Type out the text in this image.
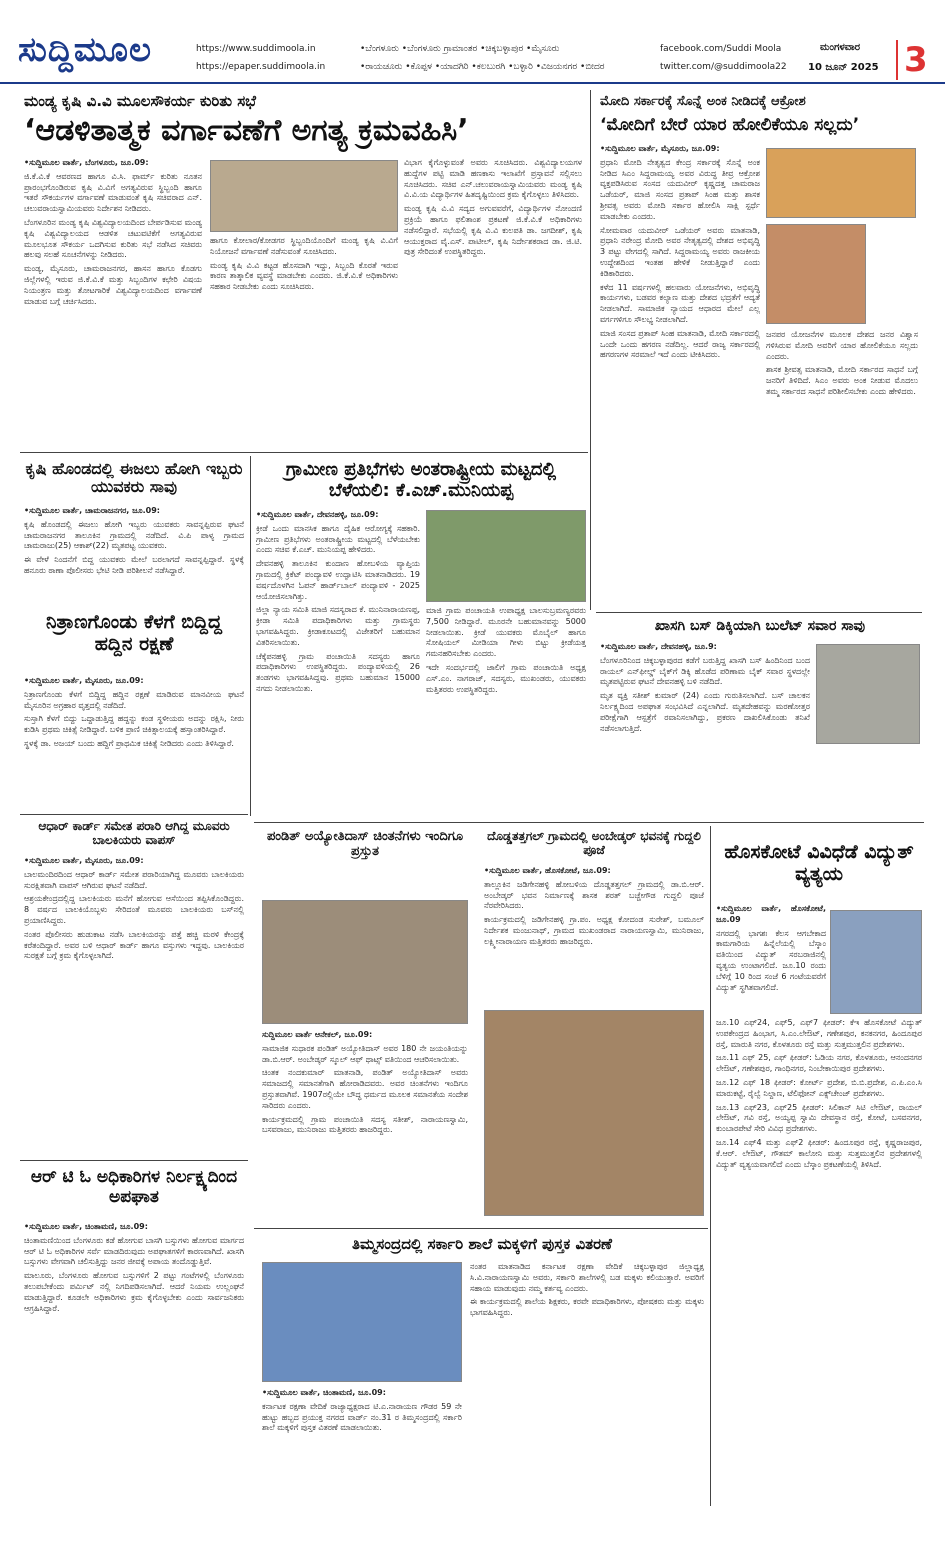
ಸುದ್ದಿಮೂಲ	https://www.suddimoola.in
https://epaper.suddimoola.in
•ಬೆಂಗಳೂರು •ಬೆಂಗಳೂರು ಗ್ರಾಮಾಂತರ •ಚಿಕ್ಕಬಳ್ಳಾಪುರ •ಮೈಸೂರು
•ರಾಯಚೂರು •ಕೊಪ್ಪಳ •ಯಾದಗಿರಿ •ಕಲಬುರಗಿ •ಬಳ್ಳಾರಿ •ವಿಜಯನಗರ •ಬೀದರ
facebook.com/Suddi Moola
twitter.com/@suddimoola22
ಮಂಗಳವಾರ
10 ಜೂನ್ 2025 3
ಮಂಡ್ಯ ಕೃಷಿ ವಿ.ವಿ ಮೂಲಸೌಕರ್ಯ ಕುರಿತು ಸಭೆ
‘ಆಡಳಿತಾತ್ಮಕ ವರ್ಗಾವಣೆಗೆ ಅಗತ್ಯ ಕ್ರಮವಹಿಸಿ’

•ಸುದ್ದಿಮೂಲ ವಾರ್ತೆ, ಬೆಂಗಳೂರು, ಜೂ.09:

ಜಿ.ಕೆ.ವಿ.ಕೆ ಆವರಣದ ಹಾಗೂ ವಿ.ಸಿ. ಫಾರ್ಮ್ ಕುರಿತು ನೂತನ ಪ್ರಾರಂಭಗೊಂಡಿರುವ ಕೃಷಿ ವಿ.ವಿಗೆ ಅಗತ್ಯವಿರುವ ಸ್ಥಿಬ್ಬಂದಿ ಹಾಗೂ ಇತರೆ ಸೌಕರ್ಯಗಳ ವರ್ಗಾವಣೆ ಮಾಡುವಂತೆ ಕೃಷಿ ಸಚಿವರಾದ ಎನ್. ಚಲುವರಾಯಸ್ವಾಮಿಯವರು ನಿರ್ದೇಶನ ನೀಡಿದರು.

ಬೆಂಗಳೂರಿನ ಮಂಡ್ಯ ಕೃಷಿ ವಿಶ್ವವಿದ್ಯಾಲಯದಿಂದ ಬೇರ್ಪಡಿಸುವ ಮಂಡ್ಯ ಕೃಷಿ ವಿಶ್ವವಿದ್ಯಾಲಯದ ಆಡಳಿತ ಚಟುವಟಿಕೆಗೆ ಅಗತ್ಯವಿರುವ ಮೂಲಭೂತ ಸೌಕರ್ಯ ಒದಗಿಸುವ ಕುರಿತು ಸಭೆ ನಡೆಸಿದ ಸಚಿವರು ಹಲವು ಸಲಹೆ ಸೂಚನೆಗಳನ್ನು ನೀಡಿದರು.

ಮಂಡ್ಯ, ಮೈಸೂರು, ಚಾಮರಾಜನಗರ, ಹಾಸನ ಹಾಗೂ ಕೊಡಗು ಜಿಲ್ಲೆಗಳಲ್ಲಿ ಇರುವ ಜಿ.ಕೆ.ವಿ.ಕೆ ಮತ್ತು ಸಿಬ್ಬಂದಿಗಳ ಕಛೇರಿ ವಿಷಯ ನಿಯಂತ್ರಣ ಮತ್ತು ತೋಟಗಾರಿಕೆ ವಿಶ್ವವಿದ್ಯಾಲಯದಿಂದ ವರ್ಗಾವಣೆ ಮಾಡುವ ಬಗ್ಗೆ ಚರ್ಚಿಸಿದರು.

ಹಾಗೂ ಕೋಲಾರ/ಕೋಡಗರ ಸ್ಥಿಬ್ಬಂದಿಯೊಂದಿಗೆ ಮಂಡ್ಯ ಕೃಷಿ ವಿ.ವಿಗೆ ನಿಯೋಜನೆ ವರ್ಗಾವಣೆ ನಡೆಸುವಂತೆ ಸೂಚಿಸಿದರು.

ಮಂಡ್ಯ ಕೃಷಿ ವಿ.ವಿ ಕಟ್ಟಡ ಹೊಸದಾಗಿ ಇದ್ದು, ಸಿಬ್ಬಂದಿ ಕೊರತೆ ಇರುವ ಕಾರಣ ತಾತ್ಕಾಲಿಕ ವ್ಯವಸ್ಥೆ ಮಾಡಬೇಕು ಎಂದರು. ಜಿ.ಕೆ.ವಿ.ಕೆ ಅಧಿಕಾರಿಗಳು ಸಹಕಾರ ನೀಡಬೇಕು ಎಂದು ಸೂಚಿಸಿದರು.

ವಿಭಾಗ ಕೈಗೊಳ್ಳುವಂತೆ ಅವರು ಸೂಚಿಸಿದರು. ವಿಶ್ವವಿದ್ಯಾಲಯಗಳ ಹುದ್ದೆಗಳ ಪಟ್ಟಿ ಮಾಡಿ ಹಣಕಾಸು ಇಲಾಖೆಗೆ ಪ್ರಸ್ತಾವನೆ ಸಲ್ಲಿಸಲು ಸೂಚಿಸಿದರು. ಸಚಿವ ಎನ್.ಚಲುವರಾಯಸ್ವಾಮಿಯವರು ಮಂಡ್ಯ ಕೃಷಿ ವಿ.ವಿ.ಯ ವಿದ್ಯಾರ್ಥಿಗಳ ಹಿತದೃಷ್ಟಿಯಿಂದ ಕ್ರಮ ಕೈಗೊಳ್ಳಲು ತಿಳಿಸಿದರು.

ಮಂಡ್ಯ ಕೃಷಿ ವಿ.ವಿ ಸದ್ಯದ ಅಗುವವರೆಗೆ, ವಿದ್ಯಾರ್ಥಿಗಳ ನೋಂದಣಿ ಪ್ರಕ್ರಿಯೆ ಹಾಗೂ ಫಲಿತಾಂಶ ಪ್ರಕಟಣೆ ಜಿ.ಕೆ.ವಿ.ಕೆ ಅಧಿಕಾರಿಗಳು ನಡೆಸಲಿದ್ದಾರೆ. ಸಭೆಯಲ್ಲಿ ಕೃಷಿ ವಿ.ವಿ ಕುಲಪತಿ ಡಾ. ಜಗದೀಶ್, ಕೃಷಿ ಆಯುಕ್ತರಾದ ವೈ.ಎಸ್. ಪಾಟೀಲ್, ಕೃಷಿ ನಿರ್ದೇಶಕರಾದ ಡಾ. ಜಿ.ಟಿ. ಪುತ್ರ ಸೇರಿದಂತೆ ಉಪಸ್ಥಿತರಿದ್ದರು.

ಮೋದಿ ಸರ್ಕಾರಕ್ಕೆ ಸೊನ್ನೆ ಅಂಕ ನೀಡಿದಕ್ಕೆ ಆಕ್ರೋಶ
‘ಮೋದಿಗೆ ಬೇರೆ ಯಾರ ಹೋಲಿಕೆಯೂ ಸಲ್ಲದು’

•ಸುದ್ದಿಮೂಲ ವಾರ್ತೆ, ಮೈಸೂರು, ಜೂ.09:

ಪ್ರಧಾನಿ ಮೋದಿ ನೇತೃತ್ವದ ಕೇಂದ್ರ ಸರ್ಕಾರಕ್ಕೆ ಸೊನ್ನೆ ಅಂಕ ನೀಡಿದ ಸಿಎಂ ಸಿದ್ದರಾಮಯ್ಯ ಅವರ ವಿರುದ್ಧ ತೀವ್ರ ಆಕ್ರೋಶ ವ್ಯಕ್ತಪಡಿಸಿರುವ ಸಂಸದ ಯದುವೀರ್ ಕೃಷ್ಣದತ್ತ ಚಾಮರಾಜ ಒಡೆಯರ್, ಮಾಜಿ ಸಂಸದ ಪ್ರತಾಪ್ ಸಿಂಹ ಮತ್ತು ಶಾಸಕ ಶ್ರೀವತ್ಸ ಅವರು ಮೋದಿ ಸರ್ಕಾರ ಹೋಲಿಸಿ ಸಾಕ್ಷಿ ಸ್ಪರ್ಧೆ ಮಾಡಬೇಕು ಎಂದರು.

ಸೋಮವಾರ ಯದುವೀರ್ ಒಡೆಯರ್ ಅವರು ಮಾತನಾಡಿ, ಪ್ರಧಾನಿ ನರೇಂದ್ರ ಮೋದಿ ಅವರ ನೇತೃತ್ವದಲ್ಲಿ ದೇಶದ ಅಭಿವೃದ್ಧಿ 3 ಪಟ್ಟು ವೇಗದಲ್ಲಿ ಸಾಗಿದೆ. ಸಿದ್ದರಾಮಯ್ಯ ಅವರು ರಾಜಕೀಯ ಉದ್ದೇಶದಿಂದ ಇಂತಹ ಹೇಳಿಕೆ ನೀಡುತ್ತಿದ್ದಾರೆ ಎಂದು ಕಿಡಿಕಾರಿದರು.

ಕಳೆದ 11 ವರ್ಷಗಳಲ್ಲಿ ಹಲವಾರು ಯೋಜನೆಗಳು, ಅಭಿವೃದ್ಧಿ ಕಾರ್ಯಗಳು, ಬಡವರ ಕಲ್ಯಾಣ ಮತ್ತು ದೇಶದ ಭದ್ರತೆಗೆ ಆದ್ಯತೆ ನೀಡಲಾಗಿದೆ. ಸಾಮಾಜಿಕ ನ್ಯಾಯದ ಆಧಾರದ ಮೇಲೆ ಎಲ್ಲ ವರ್ಗಗಳಿಗೂ ಸೌಲಭ್ಯ ನೀಡಲಾಗಿದೆ.

ಮಾಜಿ ಸಂಸದ ಪ್ರತಾಪ್ ಸಿಂಹ ಮಾತನಾಡಿ, ಮೋದಿ ಸರ್ಕಾರದಲ್ಲಿ ಒಂದೇ ಒಂದು ಹಗರಣ ನಡೆದಿಲ್ಲ. ಆದರೆ ರಾಜ್ಯ ಸರ್ಕಾರದಲ್ಲಿ ಹಗರಣಗಳ ಸರಮಾಲೆ ಇದೆ ಎಂದು ಟೀಕಿಸಿದರು.

ಜನಪರ ಯೋಜನೆಗಳ ಮೂಲಕ ದೇಶದ ಜನರ ವಿಶ್ವಾಸ ಗಳಿಸಿರುವ ಮೋದಿ ಅವರಿಗೆ ಯಾರ ಹೋಲಿಕೆಯೂ ಸಲ್ಲದು ಎಂದರು.

ಶಾಸಕ ಶ್ರೀವತ್ಸ ಮಾತನಾಡಿ, ಮೋದಿ ಸರ್ಕಾರದ ಸಾಧನೆ ಬಗ್ಗೆ ಜನರಿಗೆ ತಿಳಿದಿದೆ. ಸಿಎಂ ಅವರು ಅಂಕ ನೀಡುವ ಮೊದಲು ತಮ್ಮ ಸರ್ಕಾರದ ಸಾಧನೆ ಪರಿಶೀಲಿಸಬೇಕು ಎಂದು ಹೇಳಿದರು.

ಕೃಷಿ ಹೊಂಡದಲ್ಲಿ ಈಜಲು ಹೋಗಿ ಇಬ್ಬರು ಯುವಕರು ಸಾವು

•ಸುದ್ದಿಮೂಲ ವಾರ್ತೆ, ಚಾಮರಾಜನಗರ, ಜೂ.09:

ಕೃಷಿ ಹೊಂಡದಲ್ಲಿ ಈಜಲು ಹೋಗಿ ಇಬ್ಬರು ಯುವಕರು ಸಾವನ್ನಪ್ಪಿರುವ ಘಟನೆ ಚಾಮರಾಜನಗರ ತಾಲೂಕಿನ ಗ್ರಾಮದಲ್ಲಿ ನಡೆದಿದೆ. ವಿ.ಪಿ ಪಾಳ್ಯ ಗ್ರಾಮದ ಚಾಮರಾಜು(25) ಆಕಾಶ್(22) ಮೃತಪಟ್ಟ ಯುವಕರು.

ಈ ವೇಳೆ ನಿಂದನೆಗೆ ಬಿದ್ದ ಯುವಕರು ಮೇಲೆ ಬರಲಾಗದೆ ಸಾವನ್ನಪ್ಪಿದ್ದಾರೆ. ಸ್ಥಳಕ್ಕೆ ಹನೂರು ಠಾಣಾ ಪೊಲೀಸರು ಭೇಟಿ ನೀಡಿ ಪರಿಶೀಲನೆ ನಡೆಸಿದ್ದಾರೆ.

ಗ್ರಾಮೀಣ ಪ್ರತಿಭೆಗಳು ಅಂತರಾಷ್ಟ್ರೀಯ ಮಟ್ಟದಲ್ಲಿ ಬೆಳೆಯಲಿ: ಕೆ.ಎಚ್.ಮುನಿಯಪ್ಪ

•ಸುದ್ದಿಮೂಲ ವಾರ್ತೆ, ದೇವನಹಳ್ಳಿ, ಜೂ.09:

ಕ್ರೀಡೆ ಒಂದು ಮಾನಸಿಕ ಹಾಗೂ ದೈಹಿಕ ಆರೋಗ್ಯಕ್ಕೆ ಸಹಕಾರಿ. ಗ್ರಾಮೀಣ ಪ್ರತಿಭೆಗಳು ಅಂತರಾಷ್ಟ್ರೀಯ ಮಟ್ಟದಲ್ಲಿ ಬೆಳೆಯಬೇಕು ಎಂದು ಸಚಿವ ಕೆ.ಎಚ್. ಮುನಿಯಪ್ಪ ಹೇಳಿದರು.

ದೇವನಹಳ್ಳಿ ತಾಲೂಕಿನ ಕುಂದಾಣ ಹೋಬಳಿಯ ವ್ಯಾಪ್ತಿಯ ಗ್ರಾಮದಲ್ಲಿ ಕ್ರಿಕೆಟ್ ಪಂದ್ಯಾವಳಿ ಉದ್ಘಾಟಿಸಿ ಮಾತನಾಡಿದರು. 19 ವರ್ಷದೊಳಗಿನ ಓಪನ್ ಹಾರ್ಡ್‌ಬಾಲ್ ಪಂದ್ಯಾವಳಿ - 2025 ಆಯೋಜಿಸಲಾಗಿತ್ತು.

ಜಿಲ್ಲಾ ನ್ಯಾಯ ಸಮಿತಿ ಮಾಜಿ ಸದಸ್ಯರಾದ ಕೆ. ಮುನಿನಾರಾಯಣಪ್ಪ, ಕ್ರೀಡಾ ಸಮಿತಿ ಪದಾಧಿಕಾರಿಗಳು ಮತ್ತು ಗ್ರಾಮಸ್ಥರು ಭಾಗವಹಿಸಿದ್ದರು. ಕ್ರೀಡಾಕೂಟದಲ್ಲಿ ವಿಜೇತರಿಗೆ ಬಹುಮಾನ ವಿತರಿಸಲಾಯಿತು.

ಚೆಕ್ಕೆಪನಹಳ್ಳಿ ಗ್ರಾಮ ಪಂಚಾಯಿತಿ ಸದಸ್ಯರು ಹಾಗೂ ಪದಾಧಿಕಾರಿಗಳು ಉಪಸ್ಥಿತರಿದ್ದರು. ಪಂದ್ಯಾವಳಿಯಲ್ಲಿ 26 ತಂಡಗಳು ಭಾಗವಹಿಸಿದ್ದವು. ಪ್ರಥಮ ಬಹುಮಾನ 15000 ನಗದು ನೀಡಲಾಯಿತು.

ಮಾಜಿ ಗ್ರಾಮ ಪಂಚಾಯತಿ ಉಪಾಧ್ಯಕ್ಷ ಬಾಲಸುಬ್ರಮಣ್ಯರವರು 7,500 ನೀಡಿದ್ದಾರೆ. ಮೂರನೇ ಬಹುಮಾನವನ್ನು 5000 ನೀಡಲಾಯಿತು. ಕ್ರೀಡೆ ಯುವಕರು ಮೊಬೈಲ್ ಹಾಗೂ ಸೋಷಿಯಲ್ ಮೀಡಿಯಾ ಗೀಳು ಬಿಟ್ಟು ಕ್ರೀಡೆಯತ್ತ ಗಮನಹರಿಸಬೇಕು ಎಂದರು.

ಇದೇ ಸಂದರ್ಭದಲ್ಲಿ ಜಾಲಿಗೆ ಗ್ರಾಮ ಪಂಚಾಯಿತಿ ಅಧ್ಯಕ್ಷ ಎಸ್.ಎಂ. ನಾಗರಾಜ್, ಸದಸ್ಯರು, ಮುಖಂಡರು, ಯುವಕರು ಮತ್ತಿತರರು ಉಪಸ್ಥಿತರಿದ್ದರು.

ನಿತ್ರಾಣಗೊಂಡು ಕೆಳಗೆ ಬಿದ್ದಿದ್ದ ಹದ್ದಿನ ರಕ್ಷಣೆ

•ಸುದ್ದಿಮೂಲ ವಾರ್ತೆ, ಮೈಸೂರು, ಜೂ.09:

ನಿತ್ರಾಣಗೊಂಡು ಕೆಳಗೆ ಬಿದ್ದಿದ್ದ ಹದ್ದಿನ ರಕ್ಷಣೆ ಮಾಡಿರುವ ಮಾನವೀಯ ಘಟನೆ ಮೈಸೂರಿನ ಅಗ್ರಹಾರ ವೃತ್ತದಲ್ಲಿ ನಡೆದಿದೆ.

ಸುಸ್ತಾಗಿ ಕೆಳಗೆ ಬಿದ್ದು ಒದ್ದಾಡುತ್ತಿದ್ದ ಹದ್ದನ್ನು ಕಂಡ ಸ್ಥಳೀಯರು ಅದನ್ನು ರಕ್ಷಿಸಿ, ನೀರು ಕುಡಿಸಿ ಪ್ರಥಮ ಚಿಕಿತ್ಸೆ ನೀಡಿದ್ದಾರೆ. ಬಳಿಕ ಪ್ರಾಣಿ ಚಿಕಿತ್ಸಾಲಯಕ್ಕೆ ಹಸ್ತಾಂತರಿಸಿದ್ದಾರೆ.

ಸ್ಥಳಕ್ಕೆ ಡಾ. ಅಜಯ್ ಬಂದು ಹದ್ದಿಗೆ ಪ್ರಾಥಮಿಕ ಚಿಕಿತ್ಸೆ ನೀಡಿದರು ಎಂದು ತಿಳಿಸಿದ್ದಾರೆ.

ಖಾಸಗಿ ಬಸ್ ಡಿಕ್ಕಿಯಾಗಿ ಬುಲೆಟ್ ಸವಾರ ಸಾವು

•ಸುದ್ದಿಮೂಲ ವಾರ್ತೆ, ದೇವನಹಳ್ಳಿ, ಜೂ.9:

ಬೆಂಗಳೂರಿನಿಂದ ಚಿಕ್ಕಬಳ್ಳಾಪುರದ ಕಡೆಗೆ ಬರುತ್ತಿದ್ದ ಖಾಸಗಿ ಬಸ್ ಹಿಂದಿನಿಂದ ಬಂದ ರಾಯಲ್ ಎನ್‌ಫೀಲ್ಡ್ ಬೈಕ್‌ಗೆ ಡಿಕ್ಕಿ ಹೊಡೆದ ಪರಿಣಾಮ ಬೈಕ್ ಸವಾರ ಸ್ಥಳದಲ್ಲೇ ಮೃತಪಟ್ಟಿರುವ ಘಟನೆ ದೇವನಹಳ್ಳಿ ಬಳಿ ನಡೆದಿದೆ.

ಮೃತ ವ್ಯಕ್ತಿ ಸತೀಶ್ ಕುಮಾರ್ (24) ಎಂದು ಗುರುತಿಸಲಾಗಿದೆ. ಬಸ್ ಚಾಲಕನ ನಿರ್ಲಕ್ಷ್ಯದಿಂದ ಅಪಘಾತ ಸಂಭವಿಸಿದೆ ಎನ್ನಲಾಗಿದೆ. ಮೃತದೇಹವನ್ನು ಮರಣೋತ್ತರ ಪರೀಕ್ಷೆಗಾಗಿ ಆಸ್ಪತ್ರೆಗೆ ರವಾನಿಸಲಾಗಿದ್ದು, ಪ್ರಕರಣ ದಾಖಲಿಸಿಕೊಂಡು ತನಿಖೆ ನಡೆಸಲಾಗುತ್ತಿದೆ.

ಆಧಾರ್ ಕಾರ್ಡ್ ಸಮೇತ ಪರಾರಿ ಆಗಿದ್ದ ಮೂವರು ಬಾಲಕಿಯರು ವಾಪಸ್

•ಸುದ್ದಿಮೂಲ ವಾರ್ತೆ, ಮೈಸೂರು, ಜೂ.09:

ಬಾಲಮಂದಿರದಿಂದ ಆಧಾರ್ ಕಾರ್ಡ್ ಸಮೇತ ಪರಾರಿಯಾಗಿದ್ದ ಮೂವರು ಬಾಲಕಿಯರು ಸುರಕ್ಷಿತವಾಗಿ ವಾಪಸ್ ಆಗಿರುವ ಘಟನೆ ನಡೆದಿದೆ.

ಆಶ್ರಯಕೇಂದ್ರದಲ್ಲಿದ್ದ ಬಾಲಕಿಯರು ಮನೆಗೆ ಹೋಗುವ ಆಸೆಯಿಂದ ತಪ್ಪಿಸಿಕೊಂಡಿದ್ದರು. 8 ವರ್ಷದ ಬಾಲಕಿಯೊಬ್ಬಳು ಸೇರಿದಂತೆ ಮೂವರು ಬಾಲಕಿಯರು ಬಸ್‌ನಲ್ಲಿ ಪ್ರಯಾಣಿಸಿದ್ದರು.

ನಂತರ ಪೊಲೀಸರು ಹುಡುಕಾಟ ನಡೆಸಿ ಬಾಲಕಿಯರನ್ನು ಪತ್ತೆ ಹಚ್ಚಿ ಮರಳಿ ಕೇಂದ್ರಕ್ಕೆ ಕರೆತಂದಿದ್ದಾರೆ. ಅವರ ಬಳಿ ಆಧಾರ್ ಕಾರ್ಡ್ ಹಾಗೂ ವಸ್ತುಗಳು ಇದ್ದವು. ಬಾಲಕಿಯರ ಸುರಕ್ಷತೆ ಬಗ್ಗೆ ಕ್ರಮ ಕೈಗೊಳ್ಳಲಾಗಿದೆ.

ಪಂಡಿತ್ ಅಯ್ಯೋತಿದಾಸ್ ಚಿಂತನೆಗಳು ಇಂದಿಗೂ ಪ್ರಸ್ತುತ

ಸುದ್ದಿಮೂಲ ವಾರ್ತೆ ಆನೇಕಲ್, ಜೂ.09:

ಸಾಮಾಜಿಕ ಸುಧಾರಕ ಪಂಡಿತ್ ಅಯ್ಯೋತಿದಾಸ್ ಅವರ 180 ನೇ ಜಯಂತಿಯನ್ನು ಡಾ.ಬಿ.ಆರ್. ಅಂಬೇಡ್ಕರ್ ಸ್ಕೂಲ್ ಆಫ್ ಥಾಟ್ಸ್ ವತಿಯಿಂದ ಆಚರಿಸಲಾಯಿತು.

ಚಿಂತಕ ನಂದಕುಮಾರ್ ಮಾತನಾಡಿ, ಪಂಡಿತ್ ಅಯ್ಯೋತಿದಾಸ್ ಅವರು ಸಮಾಜದಲ್ಲಿ ಸಮಾನತೆಗಾಗಿ ಹೋರಾಡಿದವರು. ಅವರ ಚಿಂತನೆಗಳು ಇಂದಿಗೂ ಪ್ರಸ್ತುತವಾಗಿವೆ. 1907ರಲ್ಲಿಯೇ ಬೌದ್ಧ ಧರ್ಮದ ಮೂಲಕ ಸಮಾನತೆಯ ಸಂದೇಶ ಸಾರಿದರು ಎಂದರು.

ಕಾರ್ಯಕ್ರಮದಲ್ಲಿ ಗ್ರಾಮ ಪಂಚಾಯಿತಿ ಸದಸ್ಯ ಸತೀಶ್, ನಾರಾಯಣಸ್ವಾಮಿ, ಬಸವರಾಜು, ಮುನಿರಾಜು ಮತ್ತಿತರರು ಹಾಜರಿದ್ದರು.

ದೊಡ್ಡತತ್ತಗಲ್ ಗ್ರಾಮದಲ್ಲಿ ಅಂಬೇಡ್ಕರ್ ಭವನಕ್ಕೆ ಗುದ್ದಲಿ ಪೂಜೆ

•ಸುದ್ದಿಮೂಲ ವಾರ್ತೆ, ಹೊಸಕೋಟೆ, ಜೂ.09:

ತಾಲ್ಲೂಕಿನ ಜಡಿಗೇನಹಳ್ಳಿ ಹೋಬಳಿಯ ದೊಡ್ಡತತ್ತಗಲ್ ಗ್ರಾಮದಲ್ಲಿ ಡಾ.ಬಿ.ಆರ್. ಅಂಬೇಡ್ಕರ್ ಭವನ ನಿರ್ಮಾಣಕ್ಕೆ ಶಾಸಕ ಶರತ್ ಬಚ್ಚೇಗೌಡ ಗುದ್ದಲಿ ಪೂಜೆ ನೆರವೇರಿಸಿದರು.

ಕಾರ್ಯಕ್ರಮದಲ್ಲಿ ಜಡಿಗೇನಹಳ್ಳಿ ಗ್ರಾ.ಪಂ. ಅಧ್ಯಕ್ಷ ಕೋದಂಡ ಸುರೇಶ್, ಬಮೂಲ್ ನಿರ್ದೇಶಕ ಮಂಜುನಾಥ್, ಗ್ರಾಮದ ಮುಖಂಡರಾದ ನಾರಾಯಣಸ್ವಾಮಿ, ಮುನಿರಾಜು, ಲಕ್ಷ್ಮೀನಾರಾಯಣ ಮತ್ತಿತರರು ಹಾಜರಿದ್ದರು.

ಹೊಸಕೋಟೆ ವಿವಿಧೆಡೆ ವಿದ್ಯುತ್ ವ್ಯತ್ಯಯ

•ಸುದ್ದಿಮೂಲ ವಾರ್ತೆ, ಹೊಸಕೋಟೆ, ಜೂ.09

ನಗರದಲ್ಲಿ ಭಾಗಶಃ ಕೆಲಸ ಆಗಬೇಕಾದ ಕಾಮಗಾರಿಯ ಹಿನ್ನೆಲೆಯಲ್ಲಿ ಬೆಸ್ಕಾಂ ವತಿಯಿಂದ ವಿದ್ಯುತ್ ಸರಬರಾಜಿನಲ್ಲಿ ವ್ಯತ್ಯಯ ಉಂಟಾಗಲಿದೆ. ಜೂ.10 ರಂದು ಬೆಳಿಗ್ಗೆ 10 ರಿಂದ ಸಂಜೆ 6 ಗಂಟೆಯವರೆಗೆ ವಿದ್ಯುತ್ ಸ್ಥಗಿತವಾಗಲಿದೆ.

ಜೂ.10 ಎಫ್24, ಎಫ್5, ಎಫ್7 ಫೀಡರ್: ಕೆಇ ಹೊಸಕೋಟೆ ವಿದ್ಯುತ್ ಉಪಕೇಂದ್ರದ ಹಿಂಭಾಗ, ಸಿ.ಎಂ.ಲೇಔಟ್, ಗಣೇಶಪುರ, ಕನಕನಗರ, ಹಿಂದೂಪುರ ರಸ್ತೆ, ಮಾರುತಿ ನಗರ, ಕೊಳತೂರು ರಸ್ತೆ ಮತ್ತು ಸುತ್ತಮುತ್ತಲಿನ ಪ್ರದೇಶಗಳು.

ಜೂ.11 ಎಫ್ 25, ಎಫ್ ಫೀಡರ್: ಓಡಿಯ ನಗರ, ಕೊಳತೂರು, ಆನಂದನಗರ ಲೇಔಟ್, ಗಣೇಶಪುರ, ಗಾಂಧಿನಗರ, ನಿಂಬೇಕಾಯಿಪುರ ಪ್ರದೇಶಗಳು.

ಜೂ.12 ಎಫ್ 18 ಫೀಡರ್: ಕೋರ್ಟ್ ಪ್ರದೇಶ, ಬಿ.ಬಿ.ಪ್ರದೇಶ, ಎ.ಪಿ.ಎಂ.ಸಿ ಮಾರುಕಟ್ಟೆ, ರೈಲ್ವೆ ನಿಲ್ದಾಣ, ಟೆಲಿಫೋನ್ ಎಕ್ಸ್‌ಚೇಂಜ್ ಪ್ರದೇಶಗಳು.

ಜೂ.13 ಎಫ್23, ಎಫ್25 ಫೀಡರ್: ಸಿಲಿಕಾನ್ ಸಿಟಿ ಲೇಔಟ್, ರಾಯಲ್ ಲೇಔಟ್, ಗವಿ ರಸ್ತೆ, ಅಯ್ಯಪ್ಪ ಸ್ವಾಮಿ ದೇವಸ್ಥಾನ ರಸ್ತೆ, ಕೋಟೆ, ಬಸವನಗರ, ಕುಂಬಾರಪೇಟೆ ಸೇರಿ ವಿವಿಧ ಪ್ರದೇಶಗಳು.

ಜೂ.14 ಎಫ್4 ಮತ್ತು ಎಫ್2 ಫೀಡರ್: ಹಿಂದೂಪುರ ರಸ್ತೆ, ಕೃಷ್ಣರಾಜಪುರ, ಕೆ.ಆರ್. ಲೇಔಟ್, ಗೌತಮ್ ಕಾಲೋನಿ ಮತ್ತು ಸುತ್ತಮುತ್ತಲಿನ ಪ್ರದೇಶಗಳಲ್ಲಿ ವಿದ್ಯುತ್ ವ್ಯತ್ಯಯವಾಗಲಿದೆ ಎಂದು ಬೆಸ್ಕಾಂ ಪ್ರಕಟಣೆಯಲ್ಲಿ ತಿಳಿಸಿದೆ.

ಆರ್ ಟಿ ಓ ಅಧಿಕಾರಿಗಳ ನಿರ್ಲಕ್ಷ್ಯದಿಂದ ಅಪಘಾತ

•ಸುದ್ದಿಮೂಲ ವಾರ್ತೆ, ಚಿಂತಾಮಣಿ, ಜೂ.09:

ಚಿಂತಾಮಣಿಯಿಂದ ಬೆಂಗಳೂರು ಕಡೆ ಹೋಗುವ ಬಾಸಗಿ ಬಸ್ಸುಗಳು ಹೋಗುವ ಮಾರ್ಗದ ಆರ್ ಟಿ ಓ ಅಧಿಕಾರಿಗಳ ಸರ್ವೆ ಮಾಡದಿರುವುದು ಅಪಘಾತಗಳಿಗೆ ಕಾರಣವಾಗಿದೆ. ಖಾಸಗಿ ಬಸ್ಸುಗಳು ವೇಗವಾಗಿ ಚಲಿಸುತ್ತಿದ್ದು ಜನರ ಜೀವಕ್ಕೆ ಅಪಾಯ ತಂದೊಡ್ಡುತ್ತಿವೆ.

ಮಾಲೂರು, ಬೆಂಗಳೂರು ಹೋಗುವ ಬಸ್ಸುಗಳಿಗೆ 2 ಪಟ್ಟು ಗಂಟೆಗಳಲ್ಲಿ ಬೆಂಗಳೂರು ತಲುಪಬೇಕೆಂದು ಪರ್ಮಿಟ್ ನಲ್ಲಿ ನಿಗದಿಪಡಿಸಲಾಗಿದೆ. ಆದರೆ ನಿಯಮ ಉಲ್ಲಂಘನೆ ಮಾಡುತ್ತಿದ್ದಾರೆ. ಕೂಡಲೇ ಅಧಿಕಾರಿಗಳು ಕ್ರಮ ಕೈಗೊಳ್ಳಬೇಕು ಎಂದು ಸಾರ್ವಜನಿಕರು ಆಗ್ರಹಿಸಿದ್ದಾರೆ.

ತಿಮ್ಮಸಂದ್ರದಲ್ಲಿ ಸರ್ಕಾರಿ ಶಾಲೆ ಮಕ್ಕಳಿಗೆ ಪುಸ್ತಕ ವಿತರಣೆ

•ಸುದ್ದಿಮೂಲ ವಾರ್ತೆ, ಚಿಂತಾಮಣಿ, ಜೂ.09:

ಕರ್ನಾಟಕ ರಕ್ಷಣಾ ವೇದಿಕೆ ರಾಜ್ಯಾಧ್ಯಕ್ಷರಾದ ಟಿ.ಎ.ನಾರಾಯಣ ಗೌಡರ 59 ನೇ ಹುಟ್ಟು ಹಬ್ಬದ ಪ್ರಯುಕ್ತ ನಗರದ ವಾರ್ಡ್ ನಂ.31 ರ ತಿಮ್ಮಸಂದ್ರದಲ್ಲಿ ಸರ್ಕಾರಿ ಶಾಲೆ ಮಕ್ಕಳಿಗೆ ಪುಸ್ತಕ ವಿತರಣೆ ಮಾಡಲಾಯಿತು.

ನಂತರ ಮಾತನಾಡಿದ ಕರ್ನಾಟಕ ರಕ್ಷಣಾ ವೇದಿಕೆ ಚಿಕ್ಕಬಳ್ಳಾಪುರ ಜಿಲ್ಲಾಧ್ಯಕ್ಷ ಸಿ.ವಿ.ನಾರಾಯಣಸ್ವಾಮಿ ಅವರು, ಸರ್ಕಾರಿ ಶಾಲೆಗಳಲ್ಲಿ ಬಡ ಮಕ್ಕಳು ಕಲಿಯುತ್ತಾರೆ. ಅವರಿಗೆ ಸಹಾಯ ಮಾಡುವುದು ನಮ್ಮ ಕರ್ತವ್ಯ ಎಂದರು.

ಈ ಕಾರ್ಯಕ್ರಮದಲ್ಲಿ ಶಾಲೆಯ ಶಿಕ್ಷಕರು, ಕರವೇ ಪದಾಧಿಕಾರಿಗಳು, ಪೋಷಕರು ಮತ್ತು ಮಕ್ಕಳು ಭಾಗವಹಿಸಿದ್ದರು.
